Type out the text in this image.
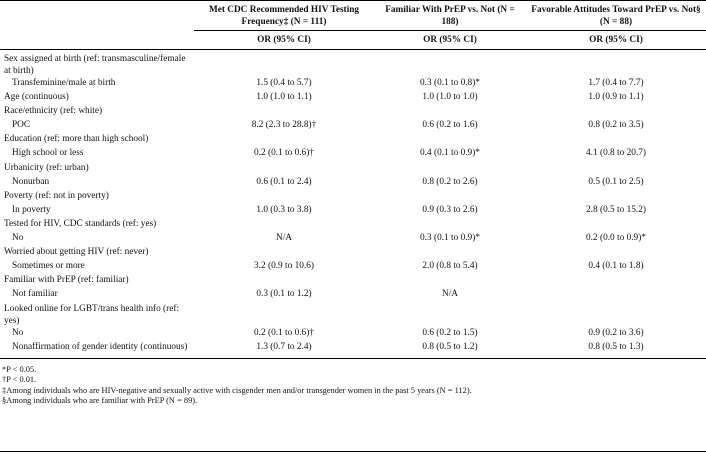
	Met CDC Recommended HIV Testing Frequency‡ (N = 111)	Familiar With PrEP vs. Not (N = 188)	Favorable Attitudes Toward PrEP vs. Not§ (N = 88)
	OR (95% CI)	OR (95% CI)	OR (95% CI)
Sex assigned at birth (ref: transmasculine/female at birth)			
Transfeminine/male at birth	1.5 (0.4 to 5.7)	0.3 (0.1 to 0.8)*	1.7 (0.4 to 7.7)
Age (continuous)	1.0 (1.0 to 1.1)	1.0 (1.0 to 1.0)	1.0 (0.9 to 1.1)
Race/ethnicity (ref: white)			
POC	8.2 (2.3 to 28.8)†	0.6 (0.2 to 1.6)	0.8 (0.2 to 3.5)
Education (ref: more than high school)			
High school or less	0.2 (0.1 to 0.6)†	0.4 (0.1 to 0.9)*	4.1 (0.8 to 20.7)
Urbanicity (ref: urban)			
Nonurban	0.6 (0.1 to 2.4)	0.8 (0.2 to 2.6)	0.5 (0.1 to 2.5)
Poverty (ref: not in poverty)			
In poverty	1.0 (0.3 to 3.8)	0.9 (0.3 to 2.6)	2.8 (0.5 to 15.2)
Tested for HIV, CDC standards (ref: yes)			
No	N/A	0.3 (0.1 to 0.9)*	0.2 (0.0 to 0.9)*
Worried about getting HIV (ref: never)			
Sometimes or more	3.2 (0.9 to 10.6)	2.0 (0.8 to 5.4)	0.4 (0.1 to 1.8)
Familiar with PrEP (ref: familiar)			
Not familiar	0.3 (0.1 to 1.2)	N/A	
Looked online for LGBT/trans health info (ref: yes)			
No	0.2 (0.1 to 0.6)†	0.6 (0.2 to 1.5)	0.9 (0.2 to 3.6)
Nonaffirmation of gender identity (continuous)	1.3 (0.7 to 2.4)	0.8 (0.5 to 1.2)	0.8 (0.5 to 1.3)
*P < 0.05.
†P < 0.01.
‡Among individuals who are HIV-negative and sexually active with cisgender men and/or transgender women in the past 5 years (N = 112).
§Among individuals who are familiar with PrEP (N = 89).
